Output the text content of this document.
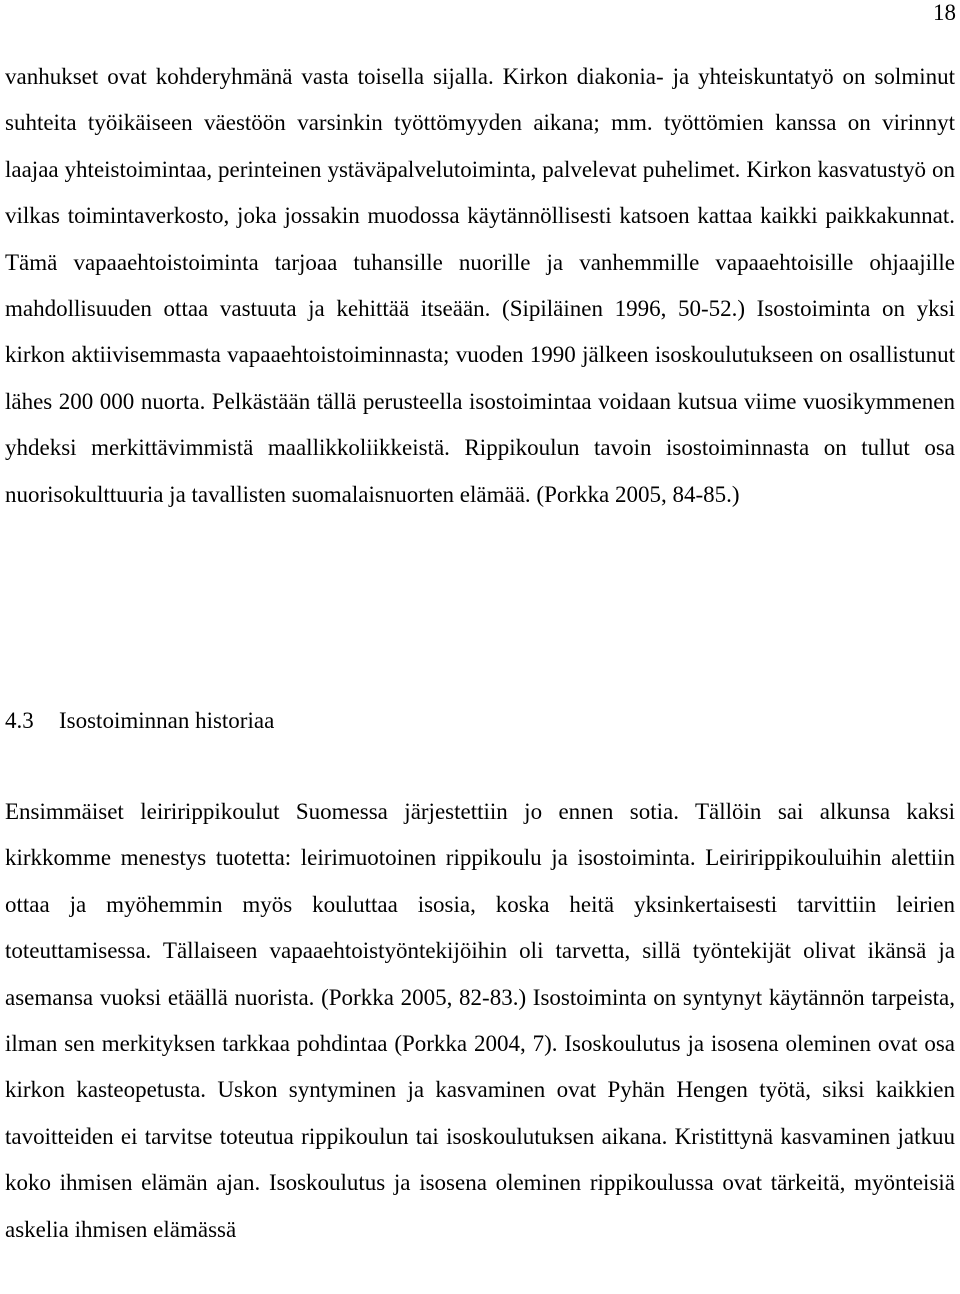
18

vanhukset ovat kohderyhmänä vasta toisella sijalla. Kirkon diakonia- ja yhteiskuntatyö on solminut suhteita työikäiseen väestöön varsinkin työttömyyden aikana; mm. työttömien kanssa on virinnyt laajaa yhteistoimintaa, perinteinen ystäväpalvelutoiminta, palvelevat puhelimet. Kirkon kasvatustyö on vilkas toimintaverkosto, joka jossakin muodossa käytännöllisesti katsoen kattaa kaikki paikkakunnat. Tämä vapaaehtoistoiminta tarjoaa tuhansille nuorille ja vanhemmille vapaaehtoisille ohjaajille mahdollisuuden ottaa vastuuta ja kehittää itseään. (Sipiläinen 1996, 50-52.) Isostoiminta on yksi kirkon aktiivisemmasta vapaaehtoistoiminnasta; vuoden 1990 jälkeen isoskoulutukseen on osallistunut lähes 200 000 nuorta. Pelkästään tällä perusteella isostoimintaa voidaan kutsua viime vuosikymmenen yhdeksi merkittävimmistä maallikkoliikkeistä. Rippikoulun tavoin isostoiminnasta on tullut osa nuorisokulttuuria ja tavallisten suomalaisnuorten elämää. (Porkka 2005, 84-85.)

4.3 Isostoiminnan historiaa

Ensimmäiset leiririppikoulut Suomessa järjestettiin jo ennen sotia. Tällöin sai alkunsa kaksi kirkkomme menestys tuotetta: leirimuotoinen rippikoulu ja isostoiminta. Leiririppikouluihin alettiin ottaa ja myöhemmin myös kouluttaa isosia, koska heitä yksinkertaisesti tarvittiin leirien toteuttamisessa. Tällaiseen vapaaehtoistyöntekijöihin oli tarvetta, sillä työntekijät olivat ikänsä ja asemansa vuoksi etäällä nuorista. (Porkka 2005, 82-83.) Isostoiminta on syntynyt käytännön tarpeista, ilman sen merkityksen tarkkaa pohdintaa (Porkka 2004, 7). Isoskoulutus ja isosena oleminen ovat osa kirkon kasteopetusta. Uskon syntyminen ja kasvaminen ovat Pyhän Hengen työtä, siksi kaikkien tavoitteiden ei tarvitse toteutua rippikoulun tai isoskoulutuksen aikana. Kristittynä kasvaminen jatkuu koko ihmisen elämän ajan. Isoskoulutus ja isosena oleminen rippikoulussa ovat tärkeitä, myönteisiä askelia ihmisen elämässä
